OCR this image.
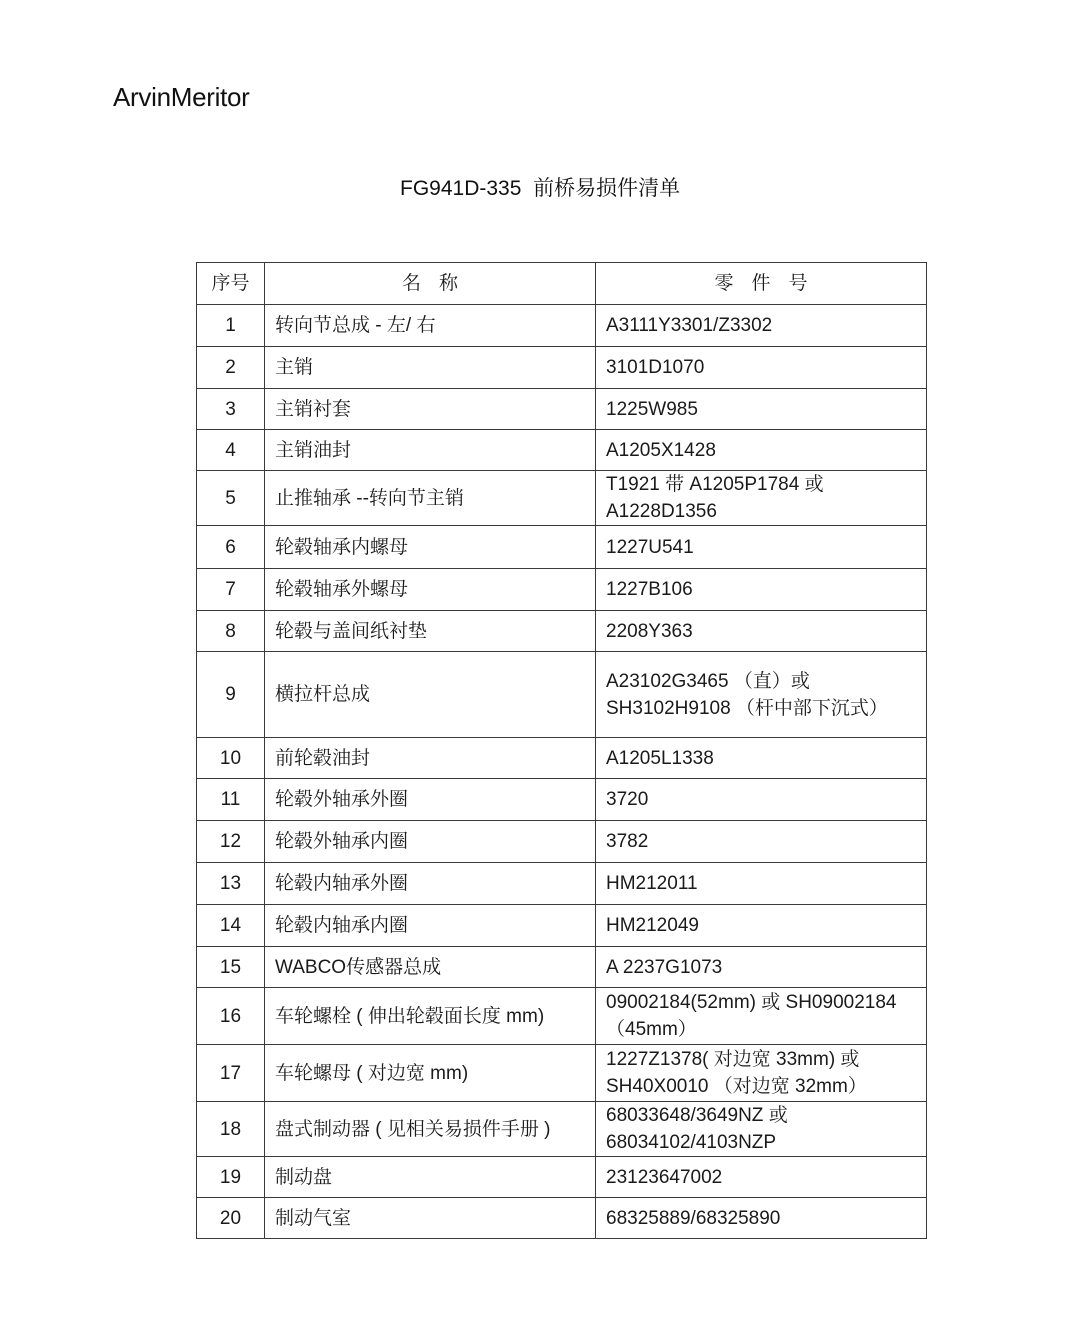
ArvinMeritor
FG941D-335  前桥易损件清单
序号	名称	零件号
1	转向节总成 - 左/ 右	A3111Y3301/Z3302
2	主销	3101D1070
3	主销衬套	1225W985
4	主销油封	A1205X1428
5	止推轴承 --转向节主销	T1921 带 A1205P1784 或 A1228D1356
6	轮毂轴承内螺母	1227U541
7	轮毂轴承外螺母	1227B106
8	轮毂与盖间纸衬垫	2208Y363
9	横拉杆总成	A23102G3465 （直）或 SH3102H9108 （杆中部下沉式）
10	前轮毂油封	A1205L1338
11	轮毂外轴承外圈	3720
12	轮毂外轴承内圈	3782
13	轮毂内轴承外圈	HM212011
14	轮毂内轴承内圈	HM212049
15	WABCO传感器总成	A 2237G1073
16	车轮螺栓 ( 伸出轮毂面长度 mm)	09002184(52mm) 或 SH09002184 （45mm）
17	车轮螺母 ( 对边宽 mm)	1227Z1378( 对边宽 33mm) 或 SH40X0010 （对边宽 32mm）
18	盘式制动器 ( 见相关易损件手册 )	68033648/3649NZ 或 68034102/4103NZP
19	制动盘	23123647002
20	制动气室	68325889/68325890
